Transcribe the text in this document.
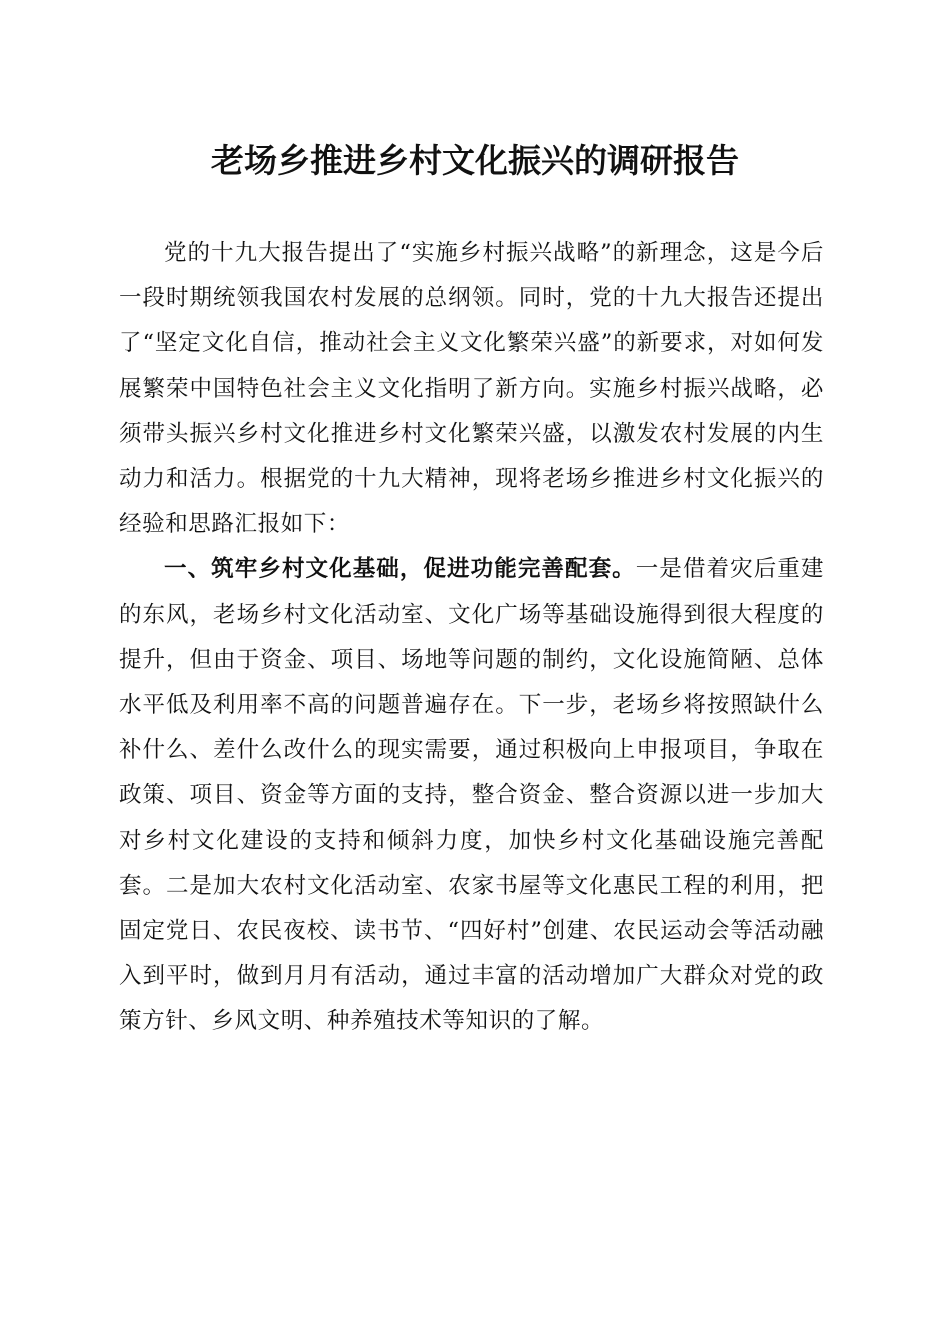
老场乡推进乡村文化振兴的调研报告

党的十九大报告提出了“实施乡村振兴战略”的新理念，这是今后一段时期统领我国农村发展的总纲领。同时，党的十九大报告还提出了“坚定文化自信，推动社会主义文化繁荣兴盛”的新要求，对如何发展繁荣中国特色社会主义文化指明了新方向。实施乡村振兴战略，必须带头振兴乡村文化推进乡村文化繁荣兴盛，以激发农村发展的内生动力和活力。根据党的十九大精神，现将老场乡推进乡村文化振兴的经验和思路汇报如下：

一、筑牢乡村文化基础，促进功能完善配套。一是借着灾后重建的东风，老场乡村文化活动室、文化广场等基础设施得到很大程度的提升，但由于资金、项目、场地等问题的制约，文化设施简陋、总体水平低及利用率不高的问题普遍存在。下一步，老场乡将按照缺什么补什么、差什么改什么的现实需要，通过积极向上申报项目，争取在政策、项目、资金等方面的支持，整合资金、整合资源以进一步加大对乡村文化建设的支持和倾斜力度，加快乡村文化基础设施完善配套。二是加大农村文化活动室、农家书屋等文化惠民工程的利用，把固定党日、农民夜校、读书节、“四好村”创建、农民运动会等活动融入到平时，做到月月有活动，通过丰富的活动增加广大群众对党的政策方针、乡风文明、种养殖技术等知识的了解。
